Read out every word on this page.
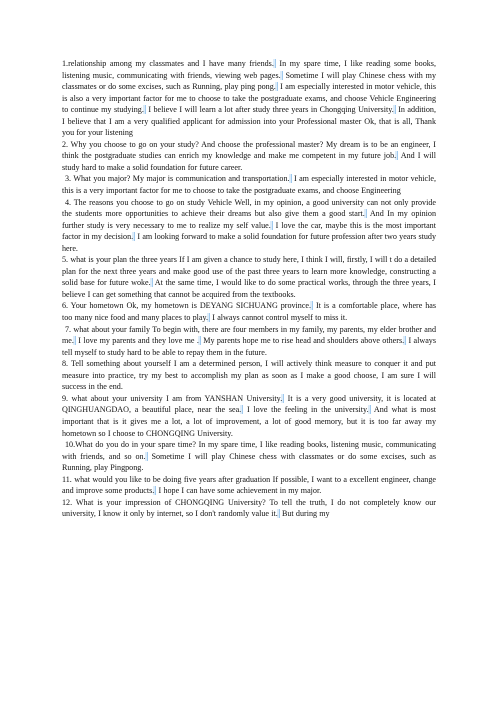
1.relationship among my classmates and I have many friends. In my spare time, I like reading some books, listening music, communicating with friends, viewing web pages. Sometime I will play Chinese chess with my classmates or do some excises, such as Running, play ping pong. I am especially interested in motor vehicle, this is also a very important factor for me to choose to take the postgraduate exams, and choose Vehicle Engineering to continue my studying. I believe I will learn a lot after study three years in Chongqing University. In addition, I believe that I am a very qualified applicant for admission into your Professional master Ok, that is all, Thank you for your listening

2. Why you choose to go on your study? And choose the professional master? My dream is to be an engineer, I think the postgraduate studies can enrich my knowledge and make me competent in my future job. And I will study hard to make a solid foundation for future career.

3. What you major? My major is communication and transportation. I am especially interested in motor vehicle, this is a very important factor for me to choose to take the postgraduate exams, and choose Engineering

4. The reasons you choose to go on study Vehicle Well, in my opinion, a good university can not only provide the students more opportunities to achieve their dreams but also give them a good start. And In my opinion further study is very necessary to me to realize my self value. I love the car, maybe this is the most important factor in my decision. I am looking forward to make a solid foundation for future profession after two years study here.

5. what is your plan the three years If I am given a chance to study here, I think I will, firstly, I will t do a detailed plan for the next three years and make good use of the past three years to learn more knowledge, constructing a solid base for future woke. At the same time, I would like to do some practical works, through the three years, I believe I can get something that cannot be acquired from the textbooks.

6. Your hometown Ok, my hometown is DEYANG SICHUANG province. It is a comfortable place, where has too many nice food and many places to play. I always cannot control myself to miss it.

7. what about your family To begin with, there are four members in my family, my parents, my elder brother and me. I love my parents and they love me . My parents hope me to rise head and shoulders above others. I always tell myself to study hard to be able to repay them in the future.

8. Tell something about yourself I am a determined person, I will actively think measure to conquer it and put measure into practice, try my best to accomplish my plan as soon as I make a good choose, I am sure I will success in the end.

9. what about your university I am from YANSHAN University. It is a very good university, it is located at QINGHUANGDAO, a beautiful place, near the sea. I love the feeling in the university. And what is most important that is it gives me a lot, a lot of improvement, a lot of good memory, but it is too far away my hometown so I choose to CHONGQING University.

10.What do you do in your spare time? In my spare time, I like reading books, listening music, communicating with friends, and so on. Sometime I will play Chinese chess with classmates or do some excises, such as Running, play Pingpong.

11. what would you like to be doing five years after graduation If possible, I want to a excellent engineer, change and improve some products. I hope I can have some achievement in my major.

12. What is your impression of CHONGQING University? To tell the truth, I do not completely know our university, I know it only by internet, so I don't randomly value it. But during my
